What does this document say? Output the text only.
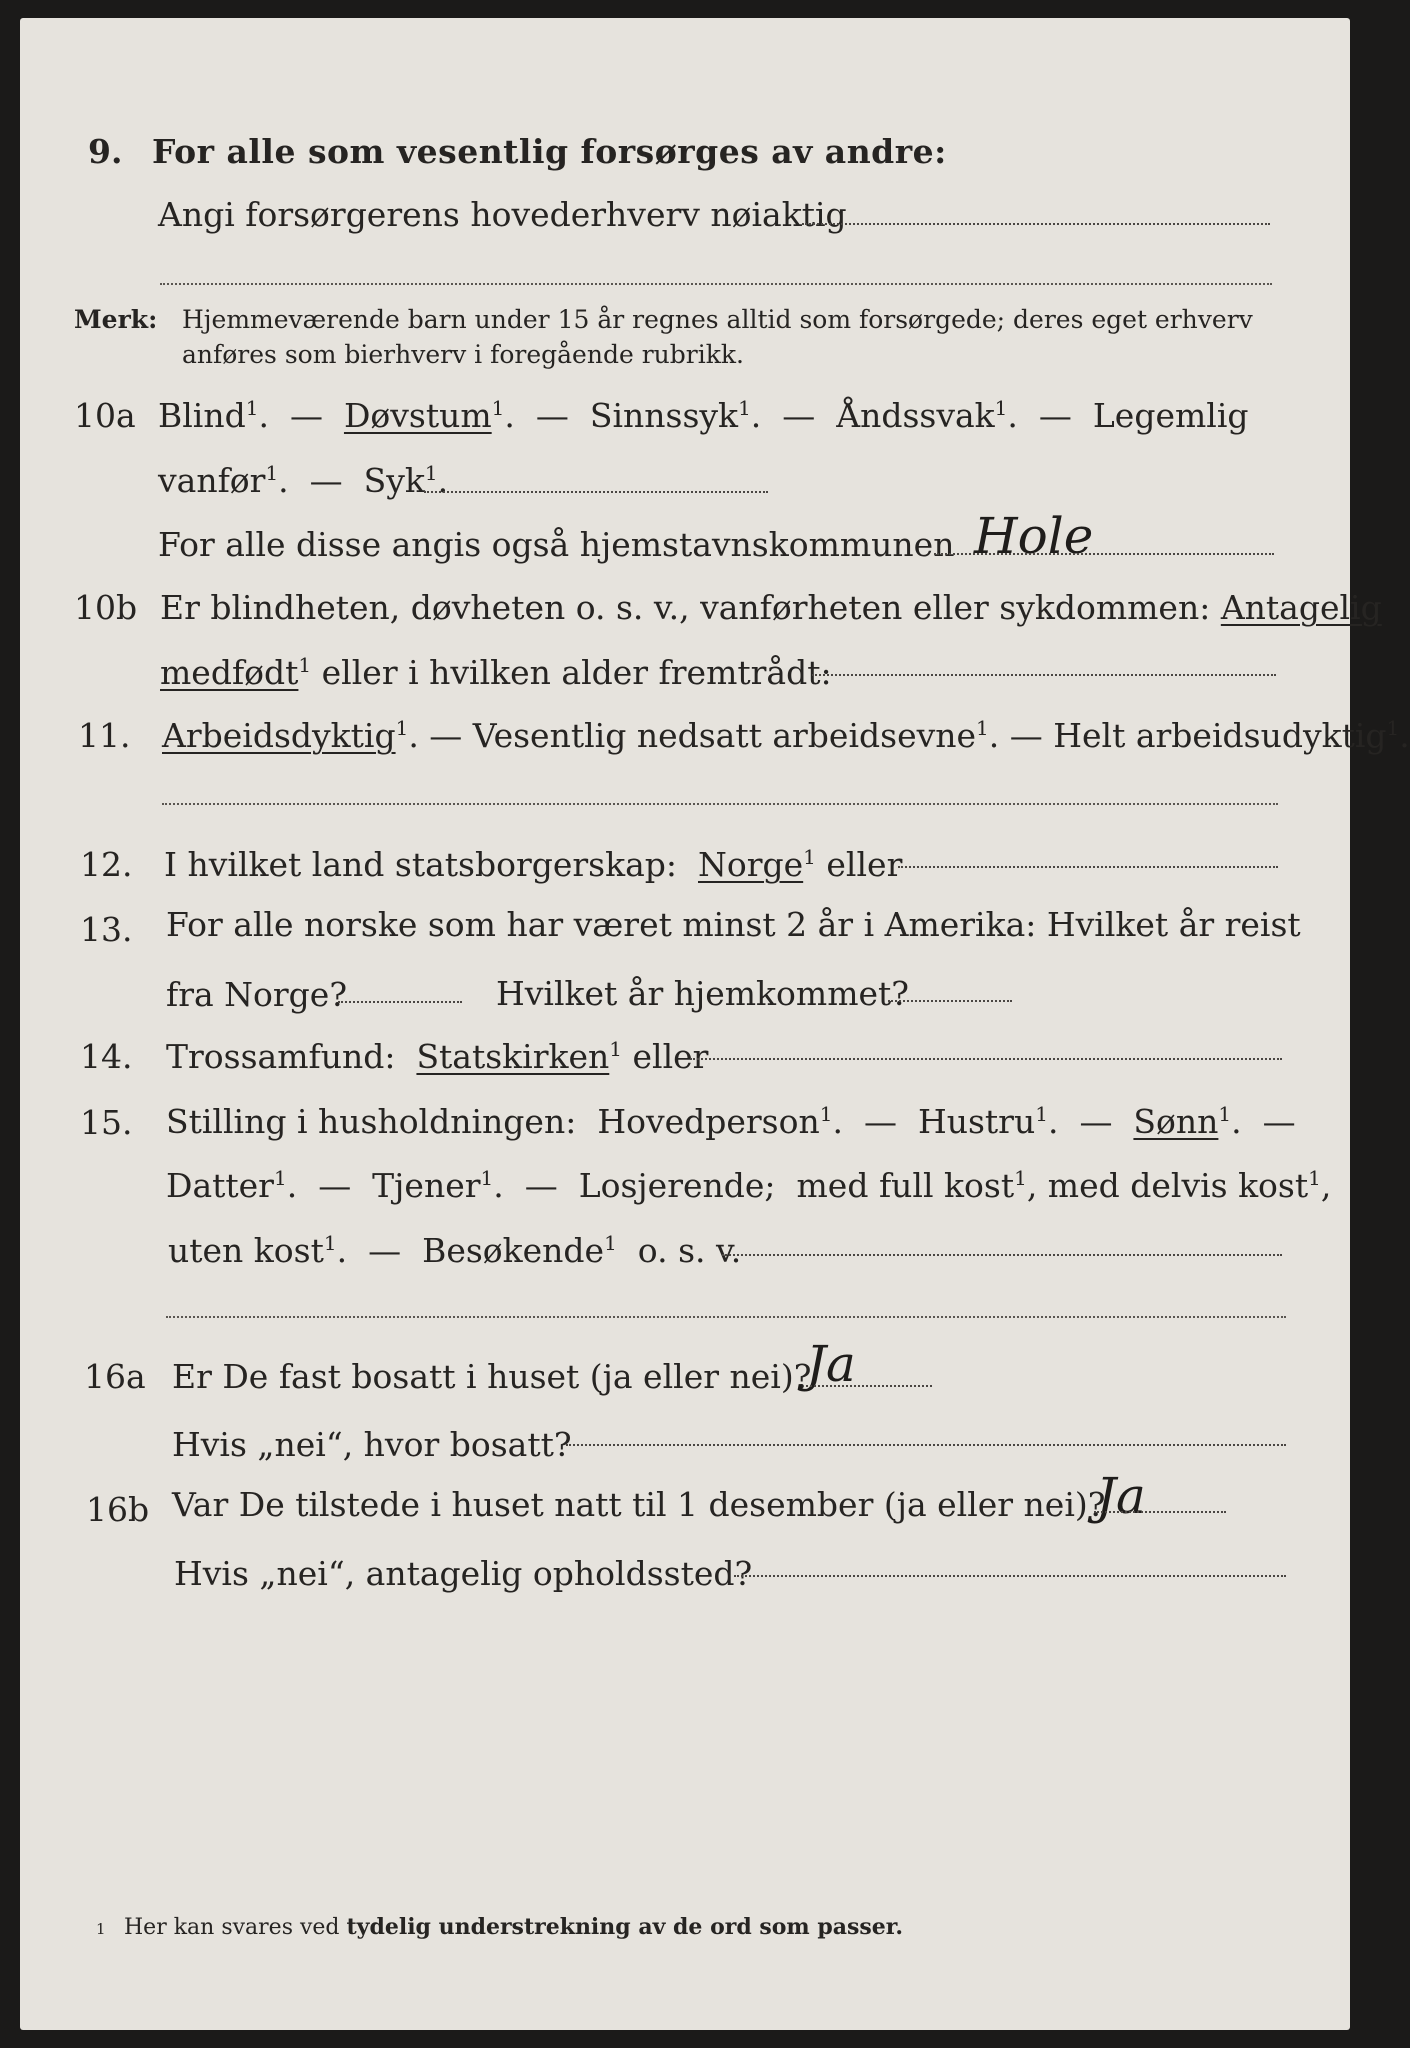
9. For alle som vesentlig forsørges av andre:
Angi forsørgerens hovederhverv nøiaktig
Merk: Hjemmeværende barn under 15 år regnes alltid som forsørgede; deres eget erhverv
anføres som bierhverv i foregående rubrikk.
10a Blind$^1$.  — Døvstum$^1$.  — Sinnssyk$^1$.  — Åndssvak$^1$.  — Legemlig
vanfør$^1$.  — Syk$^1$.
For alle disse angis også hjemstavnskommunen Hole
10b Er blindheten, døvheten o. s. v., vanførheten eller sykdommen: Antagelig
medfødt$^1$ eller i hvilken alder fremtrådt:
11. Arbeidsdyktig$^1$. — Vesentlig nedsatt arbeidsevne$^1$. — Helt arbeidsudyktig$^1$.
12. I hvilket land statsborgerskap: Norge$^1$ eller
13. For alle norske som har været minst 2 år i Amerika: Hvilket år reist
fra Norge?	Hvilket år hjemkommet?
14. Trossamfund: Statskirken$^1$ eller
15. Stilling i husholdningen: Hovedperson$^1$.  — Hustru$^1$.  — Sønn$^1$.  —
Datter$^1$.  — Tjener$^1$.  — Losjerende; med full kost$^1$, med delvis kost$^1$,
uten kost$^1$.  — Besøkende$^1$ o. s. v.
16a Er De fast bosatt i huset (ja eller nei)?
Ja
Hvis „nei“, hvor bosatt?
16b Var De tilstede i huset natt til 1 desember (ja eller nei)?
Ja
Hvis „nei“, antagelig opholdssted?
1 Her kan svares ved tydelig understrekning av de ord som passer.
